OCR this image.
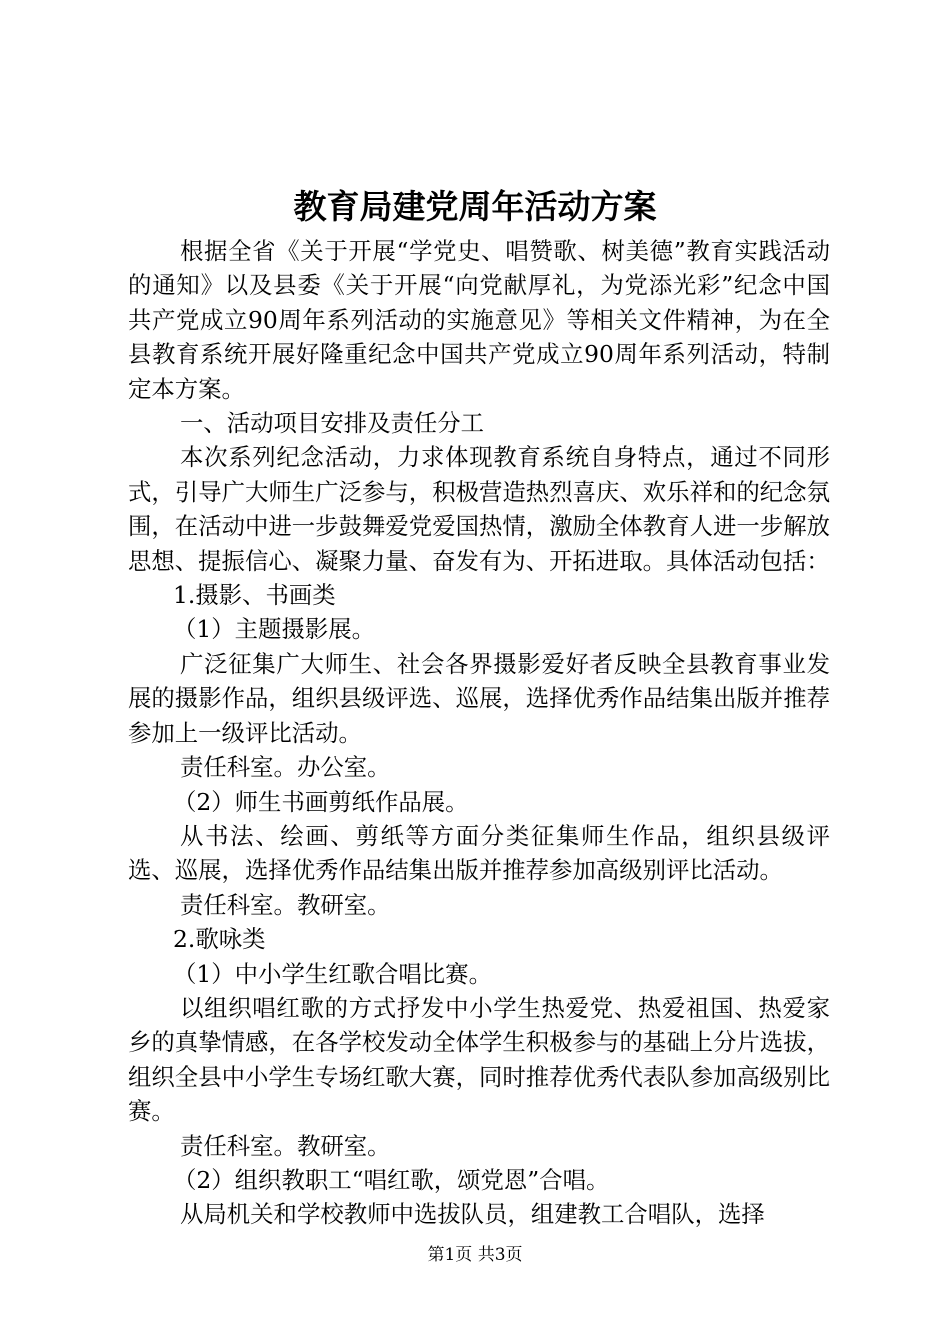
教育局建党周年活动方案

根据全省《关于开展“学党史、唱赞歌、树美德”教育实践活动的通知》以及县委《关于开展“向党献厚礼，为党添光彩”纪念中国共产党成立90周年系列活动的实施意见》等相关文件精神，为在全县教育系统开展好隆重纪念中国共产党成立90周年系列活动，特制定本方案。

一、活动项目安排及责任分工

本次系列纪念活动，力求体现教育系统自身特点，通过不同形式，引导广大师生广泛参与，积极营造热烈喜庆、欢乐祥和的纪念氛围，在活动中进一步鼓舞爱党爱国热情，激励全体教育人进一步解放思想、提振信心、凝聚力量、奋发有为、开拓进取。具体活动包括：

1.摄影、书画类

（1）主题摄影展。

广泛征集广大师生、社会各界摄影爱好者反映全县教育事业发展的摄影作品，组织县级评选、巡展，选择优秀作品结集出版并推荐参加上一级评比活动。

责任科室。办公室。

（2）师生书画剪纸作品展。

从书法、绘画、剪纸等方面分类征集师生作品，组织县级评选、巡展，选择优秀作品结集出版并推荐参加高级别评比活动。

责任科室。教研室。

2.歌咏类

（1）中小学生红歌合唱比赛。

以组织唱红歌的方式抒发中小学生热爱党、热爱祖国、热爱家乡的真挚情感，在各学校发动全体学生积极参与的基础上分片选拔，组织全县中小学生专场红歌大赛，同时推荐优秀代表队参加高级别比赛。

责任科室。教研室。

（2）组织教职工“唱红歌，颂党恩”合唱。

从局机关和学校教师中选拔队员，组建教工合唱队，选择

第1页 共3页
